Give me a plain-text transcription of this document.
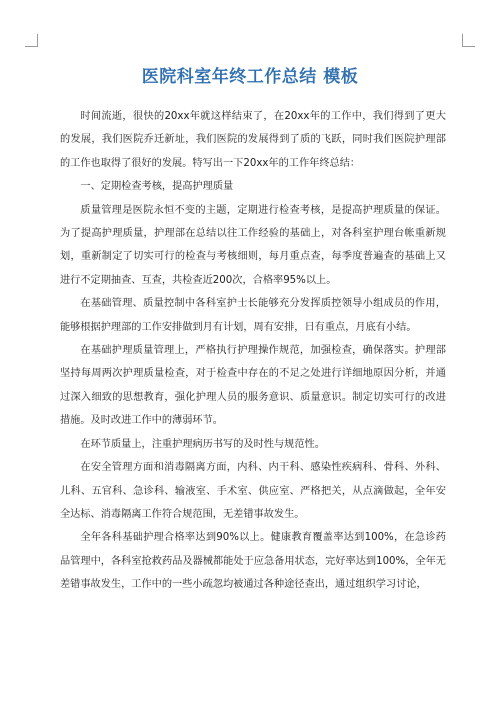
医院科室年终工作总结 模板

时间流逝，很快的20xx年就这样结束了，在20xx年的工作中，我们得到了更大的发展，我们医院乔迁新址，我们医院的发展得到了质的飞跃，同时我们医院护理部的工作也取得了很好的发展。特写出一下20xx年的工作年终总结：

一、定期检查考核，提高护理质量

质量管理是医院永恒不变的主题，定期进行检查考核，是提高护理质量的保证。为了提高护理质量，护理部在总结以往工作经验的基础上，对各科室护理台帐重新规划，重新制定了切实可行的检查与考核细则，每月重点查，每季度普遍查的基础上又进行不定期抽查、互查，共检查近200次，合格率95%以上。

在基础管理、质量控制中各科室护士长能够充分发挥质控领导小组成员的作用，能够根据护理部的工作安排做到月有计划，周有安排，日有重点，月底有小结。

在基础护理质量管理上，严格执行护理操作规范，加强检查，确保落实。护理部坚持每周两次护理质量检查，对于检查中存在的不足之处进行详细地原因分析，并通过深入细致的思想教育，强化护理人员的服务意识、质量意识。制定切实可行的改进措施。及时改进工作中的薄弱环节。

在环节质量上，注重护理病历书写的及时性与规范性。

在安全管理方面和消毒隔离方面，内科、内干科、感染性疾病科、骨科、外科、儿科、五官科、急诊科、输液室、手术室、供应室、严格把关，从点滴做起，全年安全达标、消毒隔离工作符合规范围，无差错事故发生。

全年各科基础护理合格率达到90%以上。健康教育覆盖率达到100%，在急诊药品管理中，各科室抢救药品及器械都能处于应急备用状态，完好率达到100%，全年无差错事故发生，工作中的一些小疏忽均被通过各种途径查出，通过组织学习讨论，
